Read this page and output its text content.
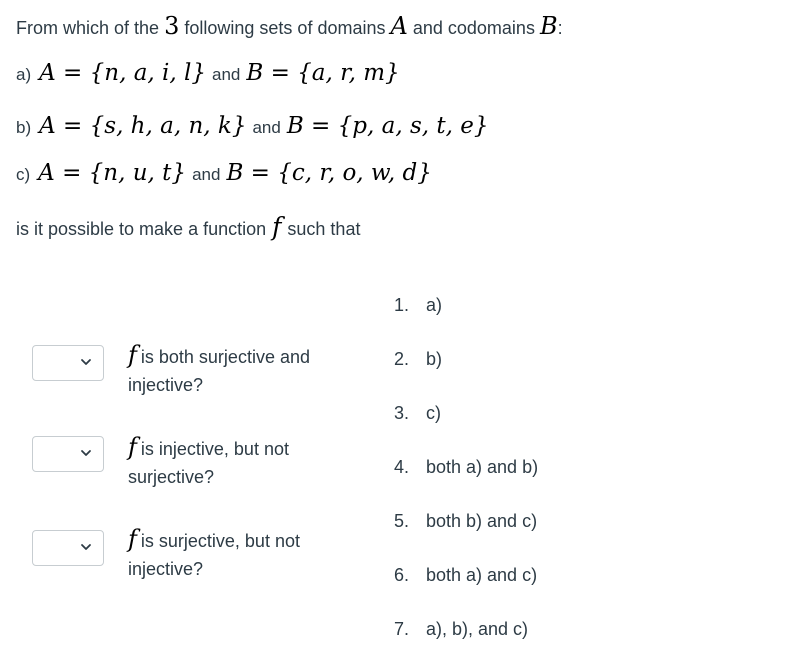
From which of the 3 following sets of domains A and codomains B:
a) A = {n, a, i, l} and B = {a, r, m}
b) A = {s, h, a, n, k} and B = {p, a, s, t, e}
c) A = {n, u, t} and B = {c, r, o, w, d}
is it possible to make a function f such that
f is both surjective and injective?
f is injective, but not surjective?
f is surjective, but not injective?
1. a)
2. b)
3. c)
4. both a) and b)
5. both b) and c)
6. both a) and c)
7. a), b), and c)
